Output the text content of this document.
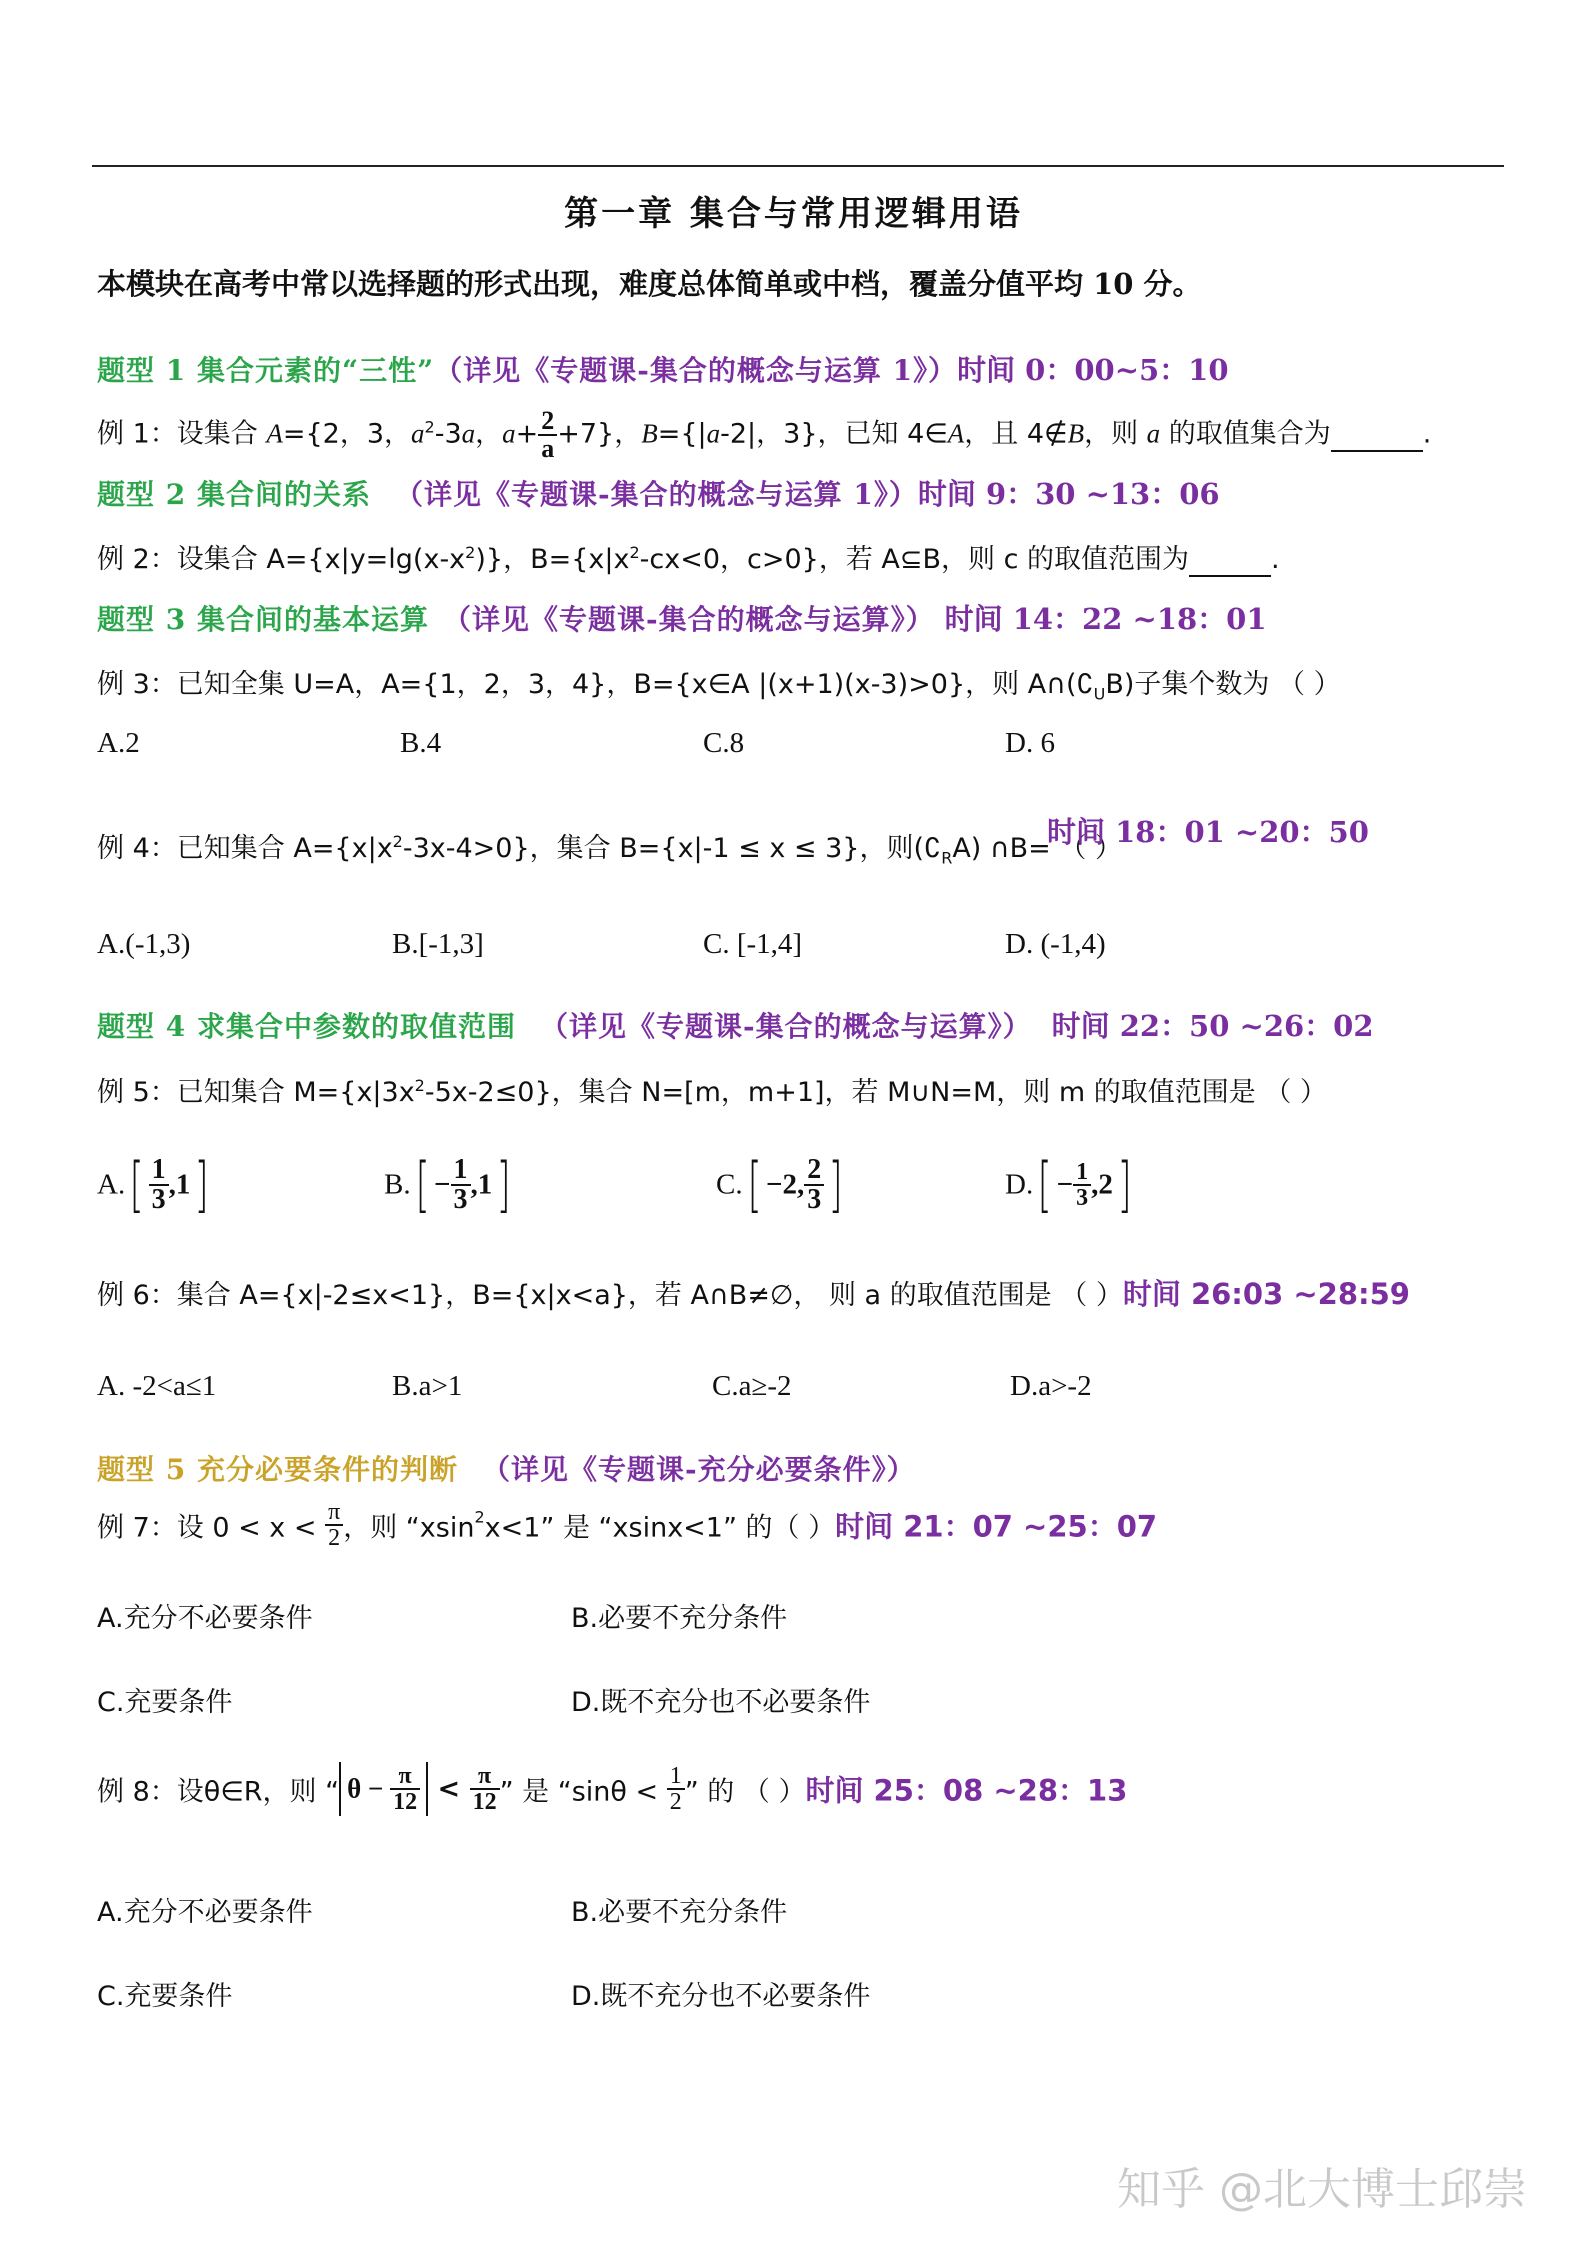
第一章 集合与常用逻辑用语
本模块在高考中常以选择题的形式出现，难度总体简单或中档，覆盖分值平均 10 分。
题型 1 集合元素的“三性” （详见《专题课-集合的概念与运算 1》）时间 0：00~5：10
例 1：设集合 A={2，3，$a^2-3a$，$a+ \frac{2}{a} +7$}，B={|a-2|，3}，已知 4∈A，且 4∉B，则 a 的取值集合为	.
题型 2 集合间的关系 （详见《专题课-集合的概念与运算 1》）时间 9：30 ~13：06
例 2：设集合 $A=\{x|y=\lg(x-x^2)\}$，$B=\{x|x^2-cx<0$，c>0}，若 A⊆B，则 c 的取值范围为	.
题型 3 集合间的基本运算 （详见《专题课-集合的概念与运算》） 时间 14：22 ~18：01
例 3：已知全集 U=A，A={1，2，3，4}，B={x∈A |(x+1)(x-3)>0}，则 $A\cap(∁_UB)$子集个数为 （ ）
A.2	B.4	C.8	D. 6
例 4：已知集合 $A=\{x|x^2-3x-4>0\}$，集合 B={x|-1 ≤ x ≤ 3}，则$(∁_RA)$ ∩B= （ ）
时间 18：01 ~20：50
A.(-1,3)	B.[-1,3]	C. [-1,4]	D. (-1,4)
题型 4 求集合中参数的取值范围 （详见《专题课-集合的概念与运算》） 时间 22：50 ~26：02
例 5：已知集合 $M=\{x|3x^2-5x-2\le 0\}$，集合 N=[m，m+1]，若 M∪N=M，则 m 的取值范围是 （ ）
$A.[ \frac{1}{3} ,1]$	$B.[ - \frac{1}{3} ,1]$	C.[ −2, $\frac{2}{3}$ ]	$D.[ - \frac{1}{3} ,2]$
例 6：集合 A={x|-2≤x<1}，B={x|x<a}，若 A∩B≠∅， 则 a 的取值范围是 （ ）时间 26:03 ~28:59
A. -2<a≤1	B.a>1	C.a≥-2	D.a>-2
题型 5 充分必要条件的判断 （详见《专题课-充分必要条件》）
例 7：设 $0 < x < \frac{\pi}{2}$ ，则 “xsin$^2$x<1” 是 “xsinx<1” 的（ ）时间 21：07 ~25：07
A.充分不必要条件	B.必要不充分条件
C.充要条件	D.既不充分也不必要条件
例 8：设θ∈R，则 “ $\theta - \frac{\pi}{12} < \frac{\pi}{12}$ ” 是 “$\sin\theta < \frac{1}{2}$ ” 的 （ ）时间 25：08 ~28：13
A.充分不必要条件	B.必要不充分条件
C.充要条件	D.既不充分也不必要条件
知乎 @北大博士邱崇
